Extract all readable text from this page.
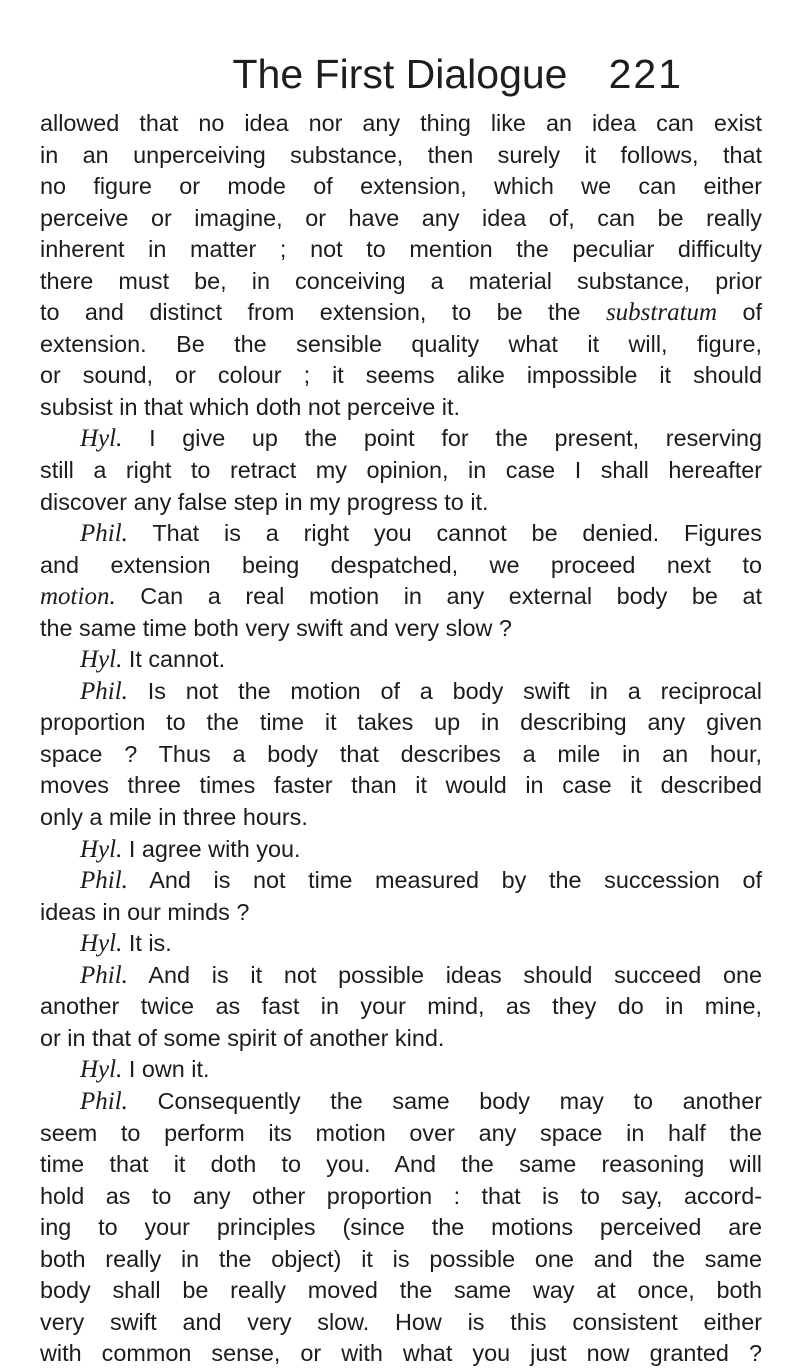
The First Dialogue	221
allowed that no idea nor any thing like an idea can exist
in an unperceiving substance, then surely it follows, that
no figure or mode of extension, which we can either
perceive or imagine, or have any idea of, can be really
inherent in matter ; not to mention the peculiar difficulty
there must be, in conceiving a material substance, prior
to and distinct from extension, to be the substratum of
extension. Be the sensible quality what it will, figure,
or sound, or colour ; it seems alike impossible it should
subsist in that which doth not perceive it.
Hyl. I give up the point for the present, reserving
still a right to retract my opinion, in case I shall hereafter
discover any false step in my progress to it.
Phil. That is a right you cannot be denied. Figures
and extension being despatched, we proceed next to
motion. Can a real motion in any external body be at
the same time both very swift and very slow ?
Hyl. It cannot.
Phil. Is not the motion of a body swift in a reciprocal
proportion to the time it takes up in describing any given
space ? Thus a body that describes a mile in an hour,
moves three times faster than it would in case it described
only a mile in three hours.
Hyl. I agree with you.
Phil. And is not time measured by the succession of
ideas in our minds ?
Hyl. It is.
Phil. And is it not possible ideas should succeed one
another twice as fast in your mind, as they do in mine,
or in that of some spirit of another kind.
Hyl. I own it.
Phil. Consequently the same body may to another
seem to perform its motion over any space in half the
time that it doth to you. And the same reasoning will
hold as to any other proportion : that is to say, accord-
ing to your principles (since the motions perceived are
both really in the object) it is possible one and the same
body shall be really moved the same way at once, both
very swift and very slow. How is this consistent either
with common sense, or with what you just now granted ?
